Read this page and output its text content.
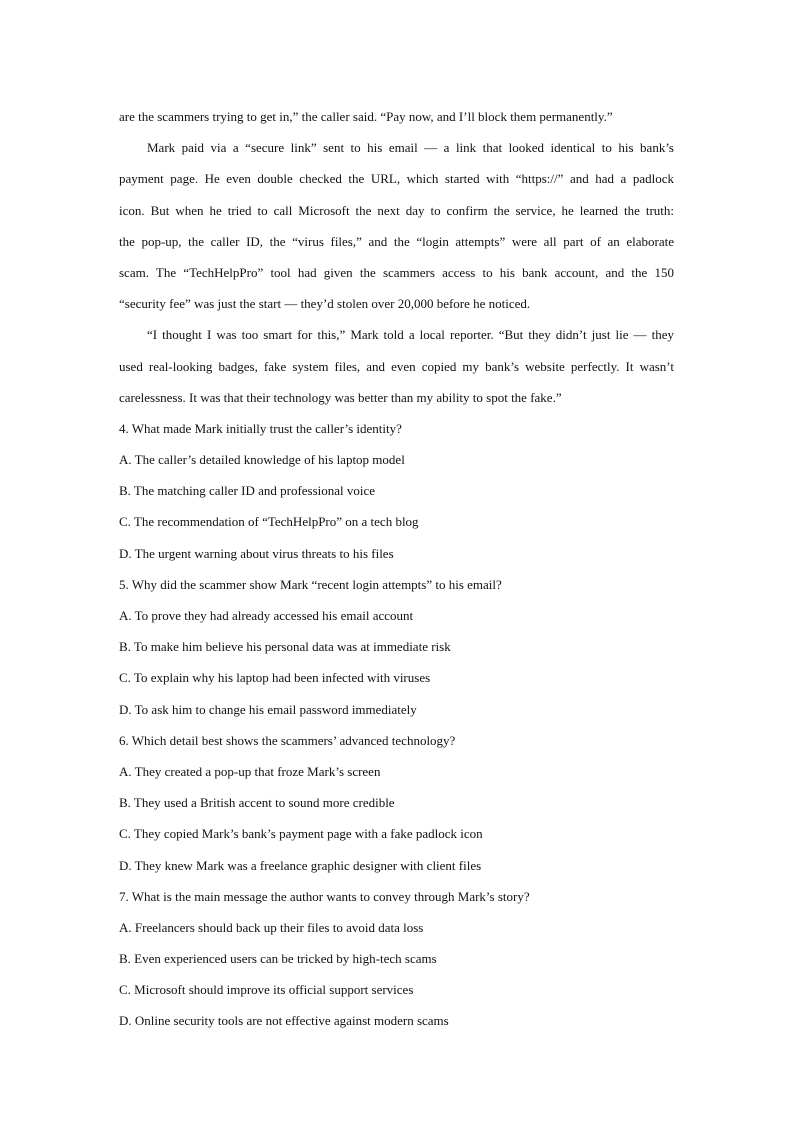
are the scammers trying to get in,” the caller said. “Pay now, and I’ll block them permanently.”
Mark paid via a “secure link” sent to his email — a link that looked identical to his bank’s
payment page. He even double checked the URL, which started with “https://” and had a padlock
icon. But when he tried to call Microsoft the next day to confirm the service, he learned the truth:
the pop-up, the caller ID, the “virus files,” and the “login attempts” were all part of an elaborate
scam. The “TechHelpPro” tool had given the scammers access to his bank account, and the 150
“security fee” was just the start — they’d stolen over 20,000 before he noticed.
“I thought I was too smart for this,” Mark told a local reporter. “But they didn’t just lie — they
used real-looking badges, fake system files, and even copied my bank’s website perfectly. It wasn’t
carelessness. It was that their technology was better than my ability to spot the fake.”
4. What made Mark initially trust the caller’s identity?
A. The caller’s detailed knowledge of his laptop model
B. The matching caller ID and professional voice
C. The recommendation of “TechHelpPro” on a tech blog
D. The urgent warning about virus threats to his files
5. Why did the scammer show Mark “recent login attempts” to his email?
A. To prove they had already accessed his email account
B. To make him believe his personal data was at immediate risk
C. To explain why his laptop had been infected with viruses
D. To ask him to change his email password immediately
6. Which detail best shows the scammers’ advanced technology?
A. They created a pop-up that froze Mark’s screen
B. They used a British accent to sound more credible
C. They copied Mark’s bank’s payment page with a fake padlock icon
D. They knew Mark was a freelance graphic designer with client files
7. What is the main message the author wants to convey through Mark’s story?
A. Freelancers should back up their files to avoid data loss
B. Even experienced users can be tricked by high-tech scams
C. Microsoft should improve its official support services
D. Online security tools are not effective against modern scams
